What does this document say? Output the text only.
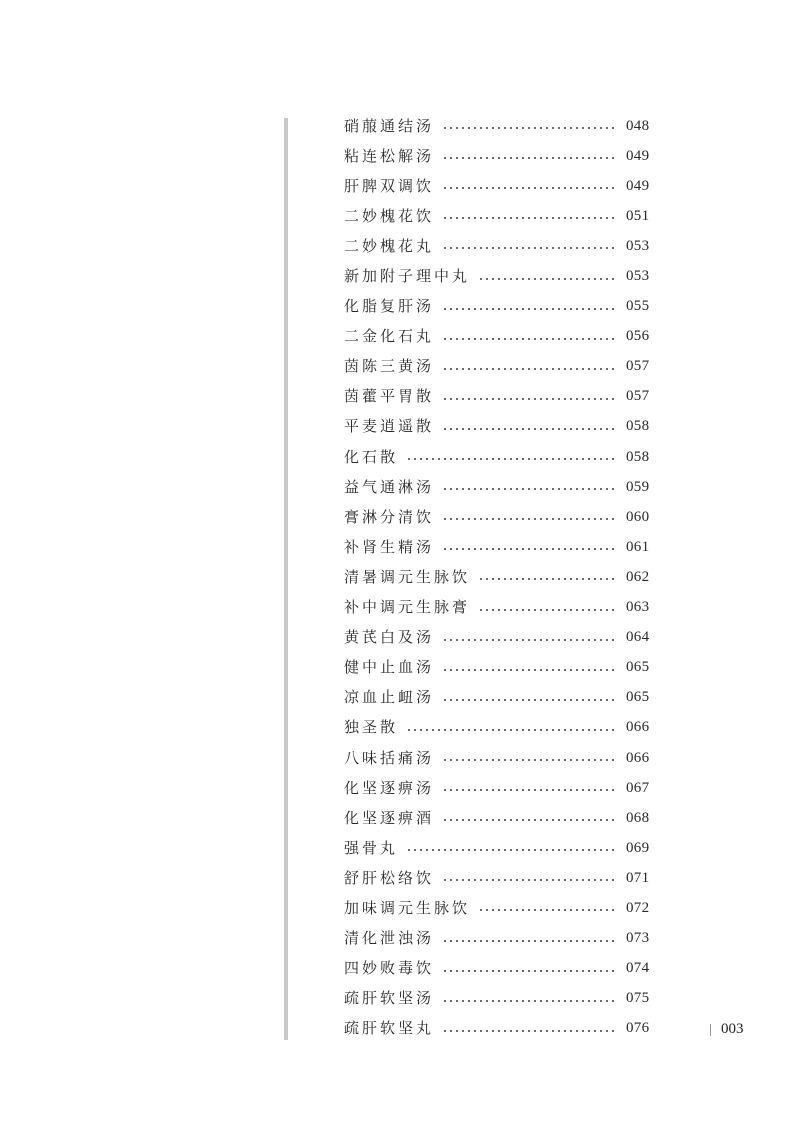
硝菔通结汤	048
粘连松解汤	049
肝脾双调饮	049
二妙槐花饮	051
二妙槐花丸	053
新加附子理中丸	053
化脂复肝汤	055
二金化石丸	056
茵陈三黄汤	057
茵藿平胃散	057
平麦逍遥散	058
化石散	058
益气通淋汤	059
膏淋分清饮	060
补肾生精汤	061
清暑调元生脉饮	062
补中调元生脉膏	063
黄芪白及汤	064
健中止血汤	065
凉血止衄汤	065
独圣散	066
八味括痛汤	066
化坚逐痹汤	067
化坚逐痹酒	068
强骨丸	069
舒肝松络饮	071
加味调元生脉饮	072
清化泄浊汤	073
四妙败毒饮	074
疏肝软坚汤	075
疏肝软坚丸	076	003
